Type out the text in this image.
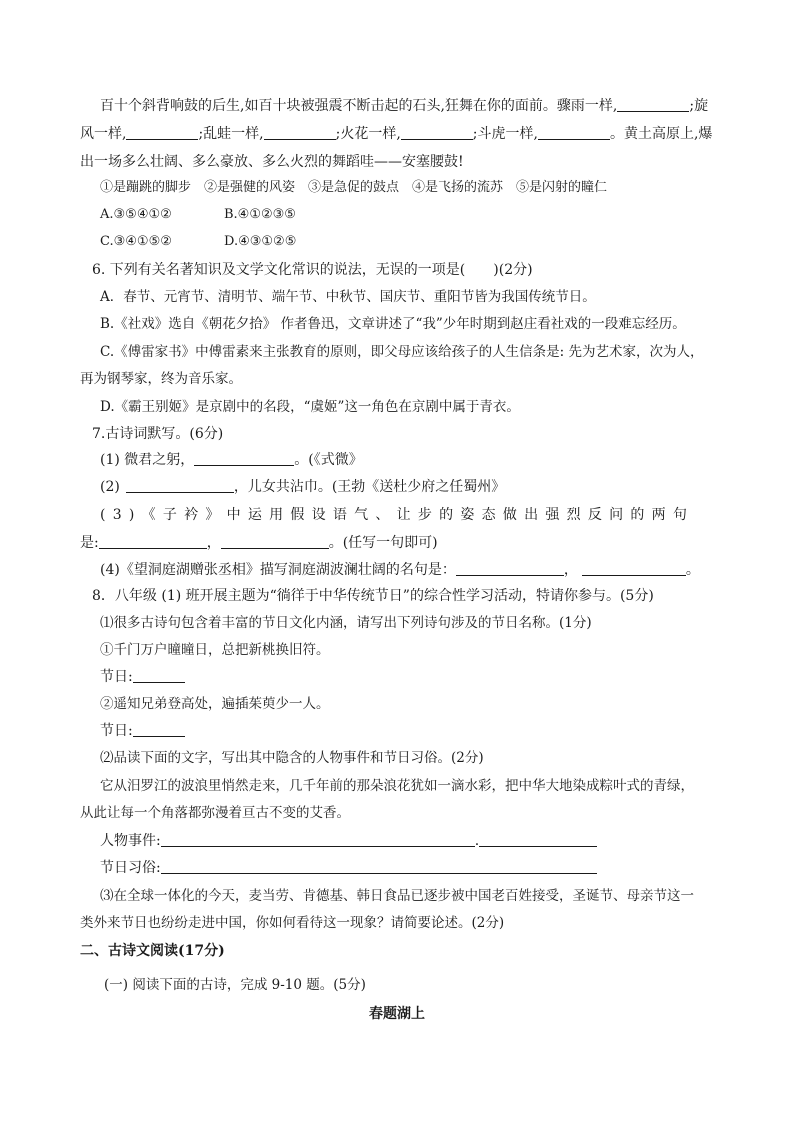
百十个斜背响鼓的后生,如百十块被强震不断击起的石头,狂舞在你的面前。骤雨一样,	;旋
风一样,	;乱蛙一样,	;火花一样,	;斗虎一样,	。黄土高原上,爆
出一场多么壮阔、多么豪放、多么火烈的舞蹈哇——安塞腰鼓!
①是蹦跳的脚步　②是强健的风姿　③是急促的鼓点　④是飞扬的流苏　⑤是闪射的瞳仁
A.③⑤④①②	B.④①②③⑤
C.③④①⑤②	D.④③①②⑤
6. 下列有关名著知识及文学文化常识的说法，无误的一项是(　　)(2分)
A．春节、元宵节、清明节、端午节、中秋节、国庆节、重阳节皆为我国传统节日。
B.《社戏》选自《朝花夕拾》 作者鲁迅，文章讲述了“我”少年时期到赵庄看社戏的一段难忘经历。
C.《傅雷家书》中傅雷素来主张教育的原则，即父母应该给孩子的人生信条是: 先为艺术家，次为人，
再为钢琴家，终为音乐家。
D.《霸王别姬》是京剧中的名段，“虞姬”这一角色在京剧中属于青衣。
7.古诗词默写。(6分)
(1) 微君之躬，	。(《式微》
(2)	，儿女共沾巾。(王勃《送杜少府之任蜀州》
( 3 ) 《 子 衿 》 中 运 用 假 设 语 气 、 让 步 的 姿 态 做 出 强 烈 反 问 的 两 句
是:	，	。(任写一句即可)
(4)《望洞庭湖赠张丞相》描写洞庭湖波澜壮阔的名句是：	，	。
8．八年级 (1) 班开展主题为“徜徉于中华传统节日”的综合性学习活动，特请你参与。(5分)
⑴很多古诗句包含着丰富的节日文化内涵，请写出下列诗句涉及的节日名称。(1分)
①千门万户曈曈日，总把新桃换旧符。
节日:
②遥知兄弟登高处，遍插茱萸少一人。
节日:
⑵品读下面的文字，写出其中隐含的人物事件和节日习俗。(2分)
它从汨罗江的波浪里悄然走来，几千年前的那朵浪花犹如一滴水彩，把中华大地染成粽叶式的青绿，
从此让每一个角落都弥漫着亘古不变的艾香。
人物事件:	.
节日习俗:
⑶在全球一体化的今天，麦当劳、肯德基、韩日食品已逐步被中国老百姓接受，圣诞节、母亲节这一
类外来节日也纷纷走进中国，你如何看待这一现象？请简要论述。(2分)
二、古诗文阅读(17分)
(一) 阅读下面的古诗，完成 9-10 题。(5分)
春题湖上
